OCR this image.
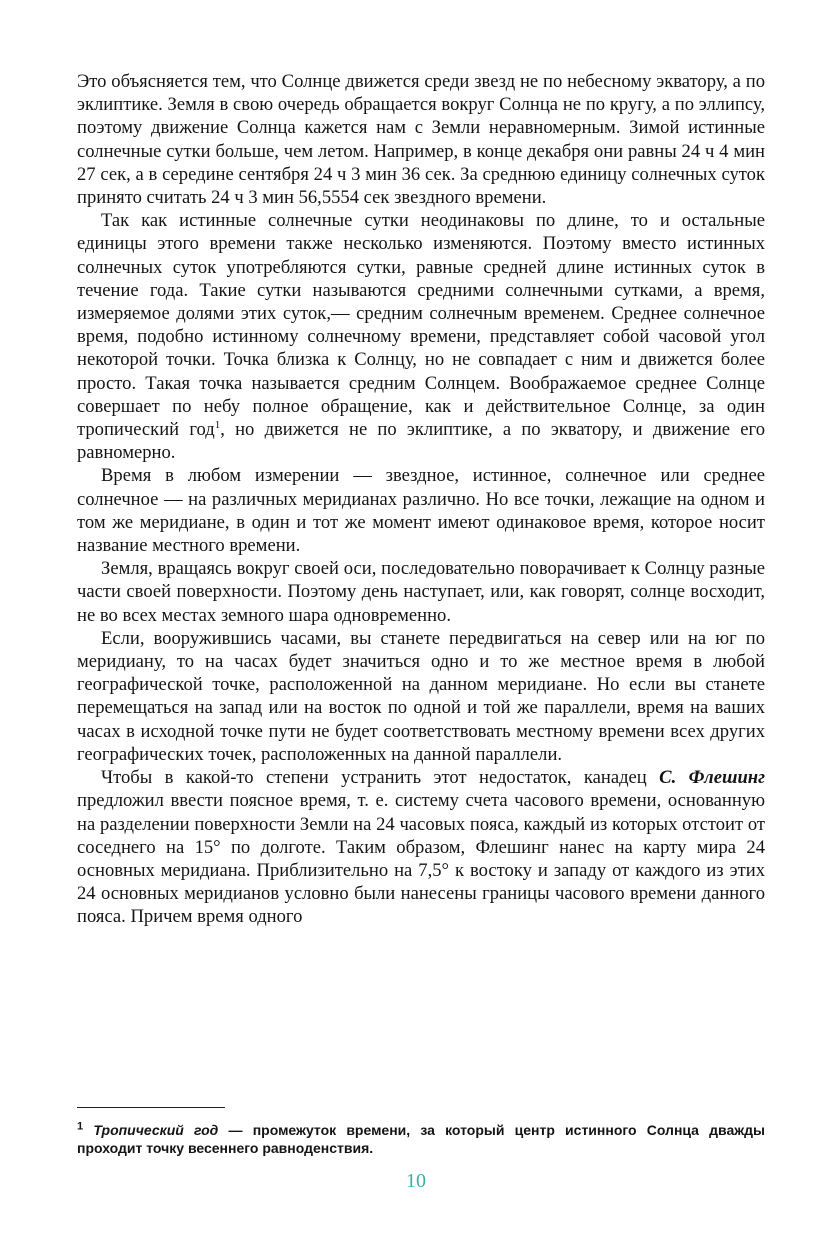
Это объясняется тем, что Солнце движется среди звезд не по небесному экватору, а по эклиптике. Земля в свою очередь обращается вокруг Солнца не по кругу, а по эллипсу, поэтому движение Солнца кажется нам с Земли неравномерным. Зимой истинные солнечные сутки больше, чем летом. Например, в конце декабря они равны 24 ч 4 мин 27 сек, а в середине сентября 24 ч 3 мин 36 сек. За среднюю единицу солнечных суток принято считать 24 ч 3 мин 56,5554 сек звездного времени.

Так как истинные солнечные сутки неодинаковы по длине, то и остальные единицы этого времени также несколько изменяются. Поэтому вместо истинных солнечных суток употребляются сутки, равные средней длине истинных суток в течение года. Такие сутки называются средними солнечными сутками, а время, измеряемое долями этих суток,— средним солнечным временем. Среднее солнечное время, подобно истинному солнечному времени, представляет собой часовой угол некоторой точки. Точка близка к Солнцу, но не совпадает с ним и движется более просто. Такая точка называется средним Солнцем. Воображаемое среднее Солнце совершает по небу полное обращение, как и действительное Солнце, за один тропический год$^1$, но движется не по эклиптике, а по экватору, и движение его равномерно.

Время в любом измерении — звездное, истинное, солнечное или среднее солнечное — на различных меридианах различно. Но все точки, лежащие на одном и том же меридиане, в один и тот же момент имеют одинаковое время, которое носит название местного времени.

Земля, вращаясь вокруг своей оси, последовательно поворачивает к Солнцу разные части своей поверхности. Поэтому день наступает, или, как говорят, солнце восходит, не во всех местах земного шара одновременно.

Если, вооружившись часами, вы станете передвигаться на север или на юг по меридиану, то на часах будет значиться одно и то же местное время в любой географической точке, расположенной на данном меридиане. Но если вы станете перемещаться на запад или на восток по одной и той же параллели, время на ваших часах в исходной точке пути не будет соответствовать местному времени всех других географических точек, расположенных на данной параллели.

Чтобы в какой-то степени устранить этот недостаток, канадец С. Флешинг предложил ввести поясное время, т. е. систему счета часового времени, основанную на разделении поверхности Земли на 24 часовых пояса, каждый из которых отстоит от соседнего на 15° по долготе. Таким образом, Флешинг нанес на карту мира 24 основных меридиана. Приблизительно на 7,5° к востоку и западу от каждого из этих 24 основных меридианов условно были нанесены границы часового времени данного пояса. Причем время одного

$^1$ Тропический год — промежуток времени, за который центр истинного Солнца дважды проходит точку весеннего равноденствия.
10
